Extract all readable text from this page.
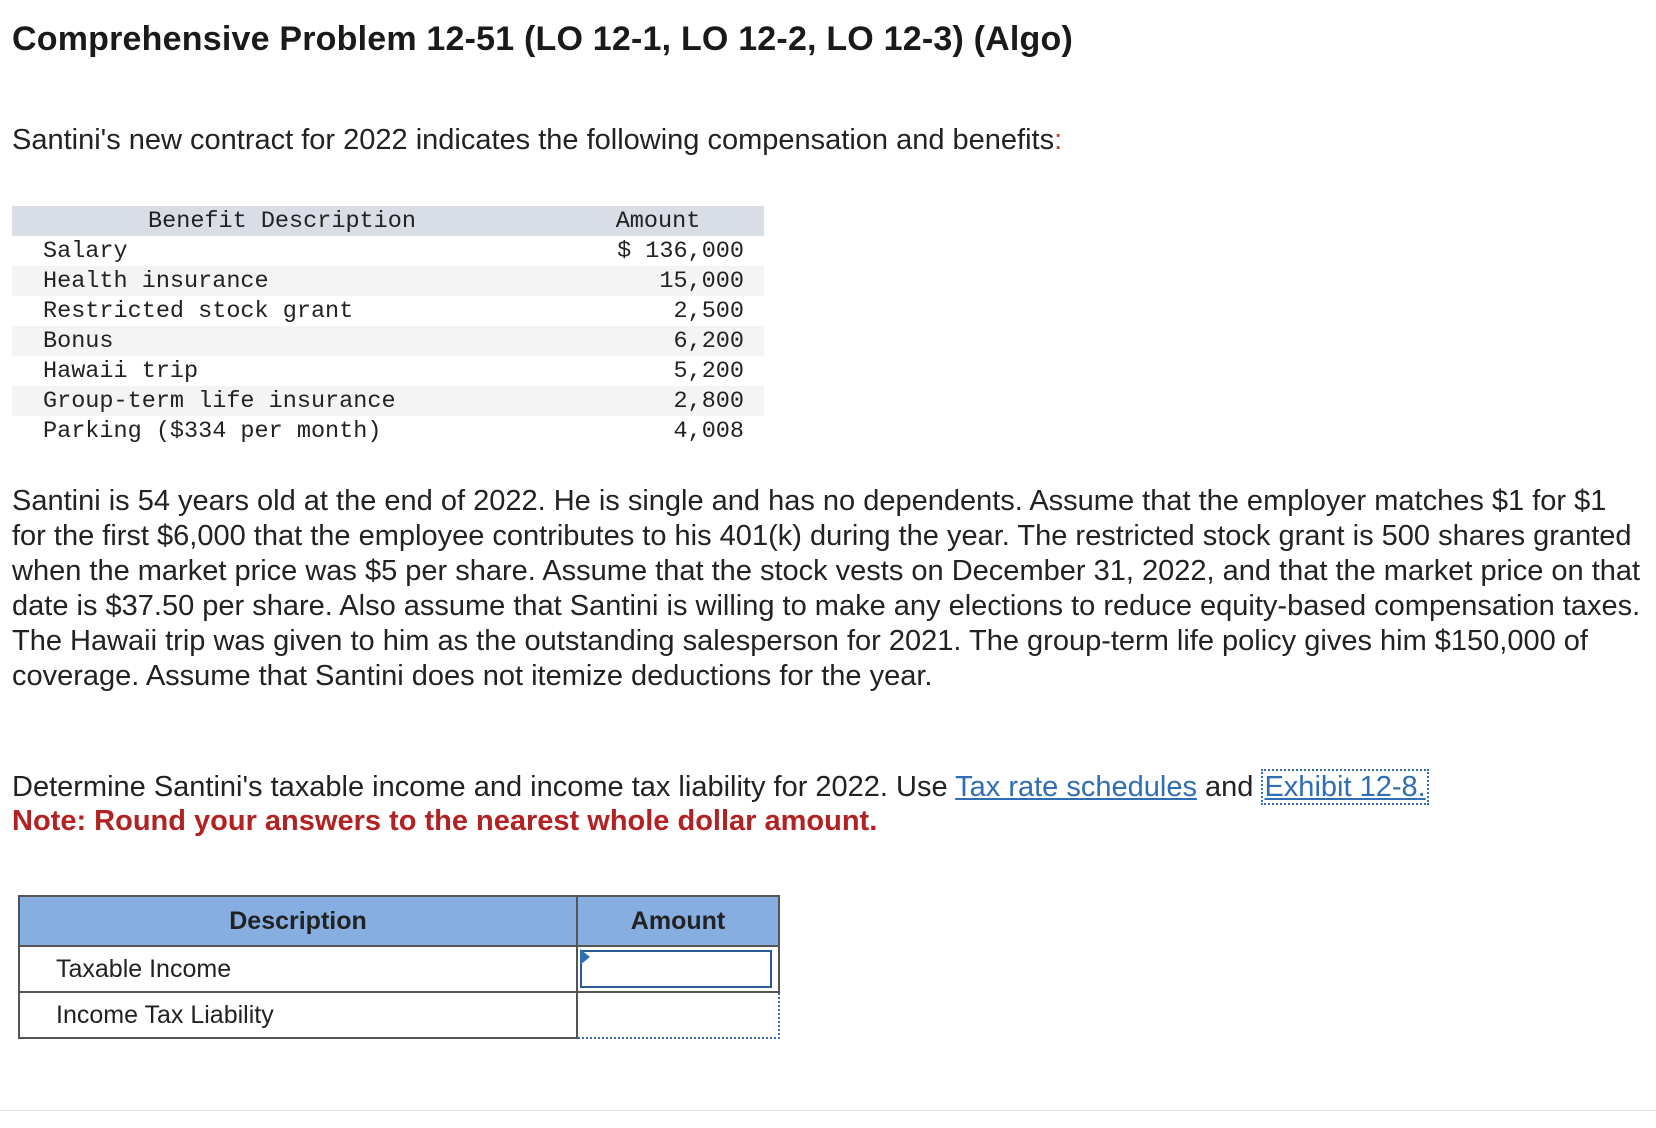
Comprehensive Problem 12-51 (LO 12-1, LO 12-2, LO 12-3) (Algo)

Santini's new contract for 2022 indicates the following compensation and benefits:

Benefit Description	Amount
Salary	$ 136,000
Health insurance	15,000
Restricted stock grant	2,500
Bonus	6,200
Hawaii trip	5,200
Group-term life insurance	2,800
Parking ($334 per month)	4,008

Santini is 54 years old at the end of 2022. He is single and has no dependents. Assume that the employer matches $1 for $1 for the first $6,000 that the employee contributes to his 401(k) during the year. The restricted stock grant is 500 shares granted when the market price was $5 per share. Assume that the stock vests on December 31, 2022, and that the market price on that date is $37.50 per share. Also assume that Santini is willing to make any elections to reduce equity-based compensation taxes. The Hawaii trip was given to him as the outstanding salesperson for 2021. The group-term life policy gives him $150,000 of coverage. Assume that Santini does not itemize deductions for the year.

Determine Santini's taxable income and income tax liability for 2022. Use Tax rate schedules and Exhibit 12-8.

Note: Round your answers to the nearest whole dollar amount.

Description	Amount
Taxable Income	

Income Tax Liability	
